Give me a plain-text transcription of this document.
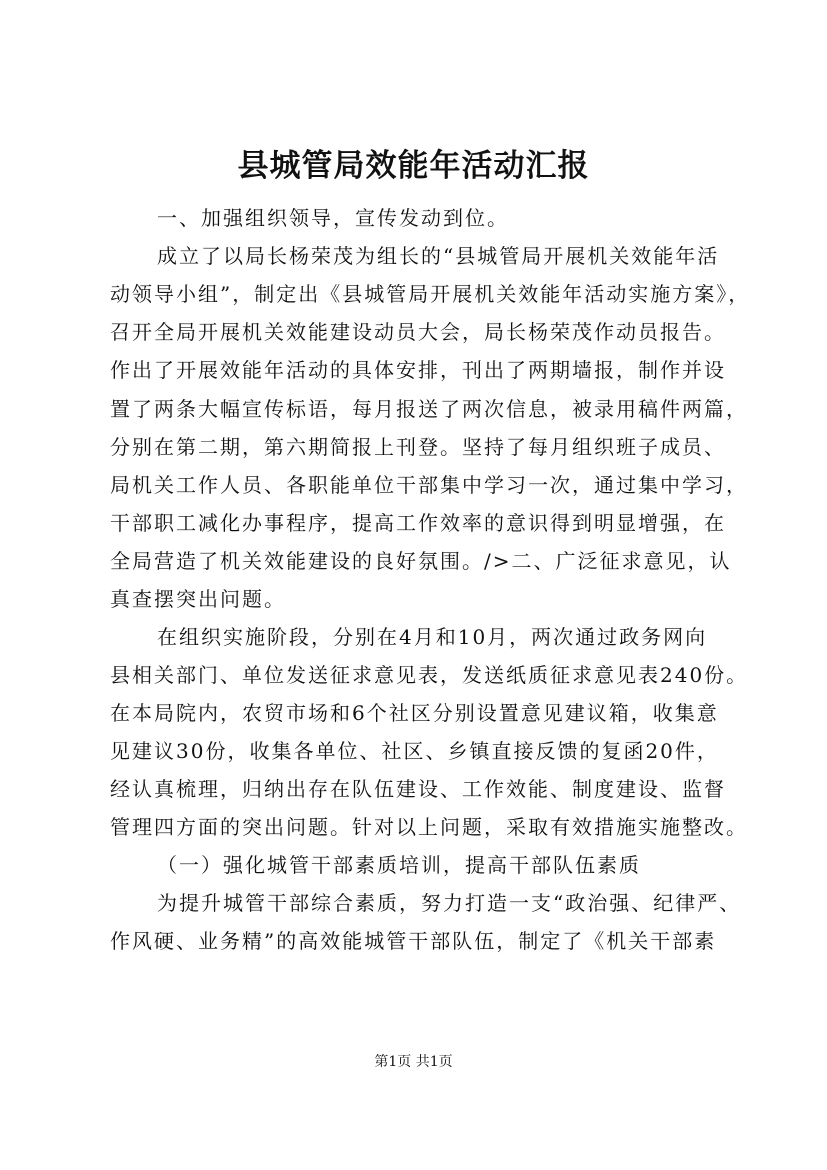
县城管局效能年活动汇报
一、加强组织领导，宣传发动到位。
成立了以局长杨荣茂为组长的“县城管局开展机关效能年活
动领导小组”，制定出《县城管局开展机关效能年活动实施方案》，
召开全局开展机关效能建设动员大会，局长杨荣茂作动员报告。
作出了开展效能年活动的具体安排，刊出了两期墙报，制作并设
置了两条大幅宣传标语，每月报送了两次信息，被录用稿件两篇，
分别在第二期，第六期简报上刊登。坚持了每月组织班子成员、
局机关工作人员、各职能单位干部集中学习一次，通过集中学习，
干部职工减化办事程序，提高工作效率的意识得到明显增强，在
全局营造了机关效能建设的良好氛围。/>二、广泛征求意见，认
真查摆突出问题。
在组织实施阶段，分别在4月和10月，两次通过政务网向
县相关部门、单位发送征求意见表，发送纸质征求意见表240份。
在本局院内，农贸市场和6个社区分别设置意见建议箱，收集意
见建议30份，收集各单位、社区、乡镇直接反馈的复函20件，
经认真梳理，归纳出存在队伍建设、工作效能、制度建设、监督
管理四方面的突出问题。针对以上问题，采取有效措施实施整改。
（一）强化城管干部素质培训，提高干部队伍素质
为提升城管干部综合素质，努力打造一支“政治强、纪律严、
作风硬、业务精”的高效能城管干部队伍，制定了《机关干部素
第1页 共1页
